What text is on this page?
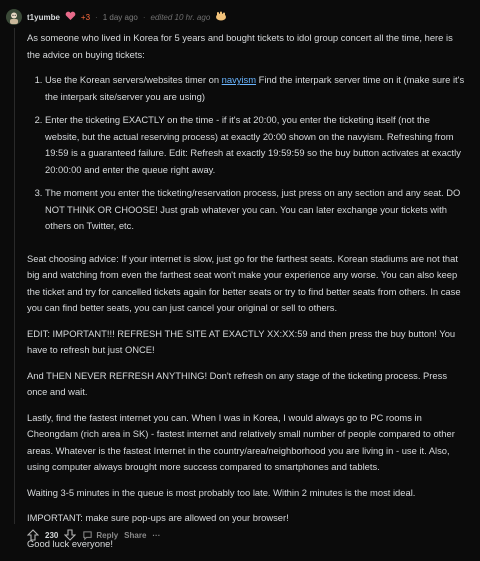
t1yumbe	+3 · 1 day ago · edited 10 hr. ago

As someone who lived in Korea for 5 years and bought tickets to idol group concert all the time, here is the advice on buying tickets:

1. Use the Korean servers/websites timer on navyism Find the interpark server time on it (make sure it's the interpark site/server you are using)
2. Enter the ticketing EXACTLY on the time - if it's at 20:00, you enter the ticketing itself (not the website, but the actual reserving process) at exactly 20:00 shown on the navyism. Refreshing from 19:59 is a guaranteed failure. Edit: Refresh at exactly 19:59:59 so the buy button activates at exactly 20:00:00 and enter the queue right away.
3. The moment you enter the ticketing/reservation process, just press on any section and any seat. DO NOT THINK OR CHOOSE! Just grab whatever you can. You can later exchange your tickets with others on Twitter, etc.

Seat choosing advice: If your internet is slow, just go for the farthest seats. Korean stadiums are not that big and watching from even the farthest seat won't make your experience any worse. You can also keep the ticket and try for cancelled tickets again for better seats or try to find better seats from others. In case you can find better seats, you can just cancel your original or sell to others.

EDIT: IMPORTANT!!! REFRESH THE SITE AT EXACTLY XX:XX:59 and then press the buy button! You have to refresh but just ONCE!

And THEN NEVER REFRESH ANYTHING! Don't refresh on any stage of the ticketing process. Press once and wait.

Lastly, find the fastest internet you can. When I was in Korea, I would always go to PC rooms in Cheongdam (rich area in SK) - fastest internet and relatively small number of people compared to other areas. Whatever is the fastest Internet in the country/area/neighborhood you are living in - use it. Also, using computer always brought more success compared to smartphones and tablets.

Waiting 3-5 minutes in the queue is most probably too late. Within 2 minutes is the most ideal.

IMPORTANT: make sure pop-ups are allowed on your browser!

Good luck everyone!

230	Reply Share ···
